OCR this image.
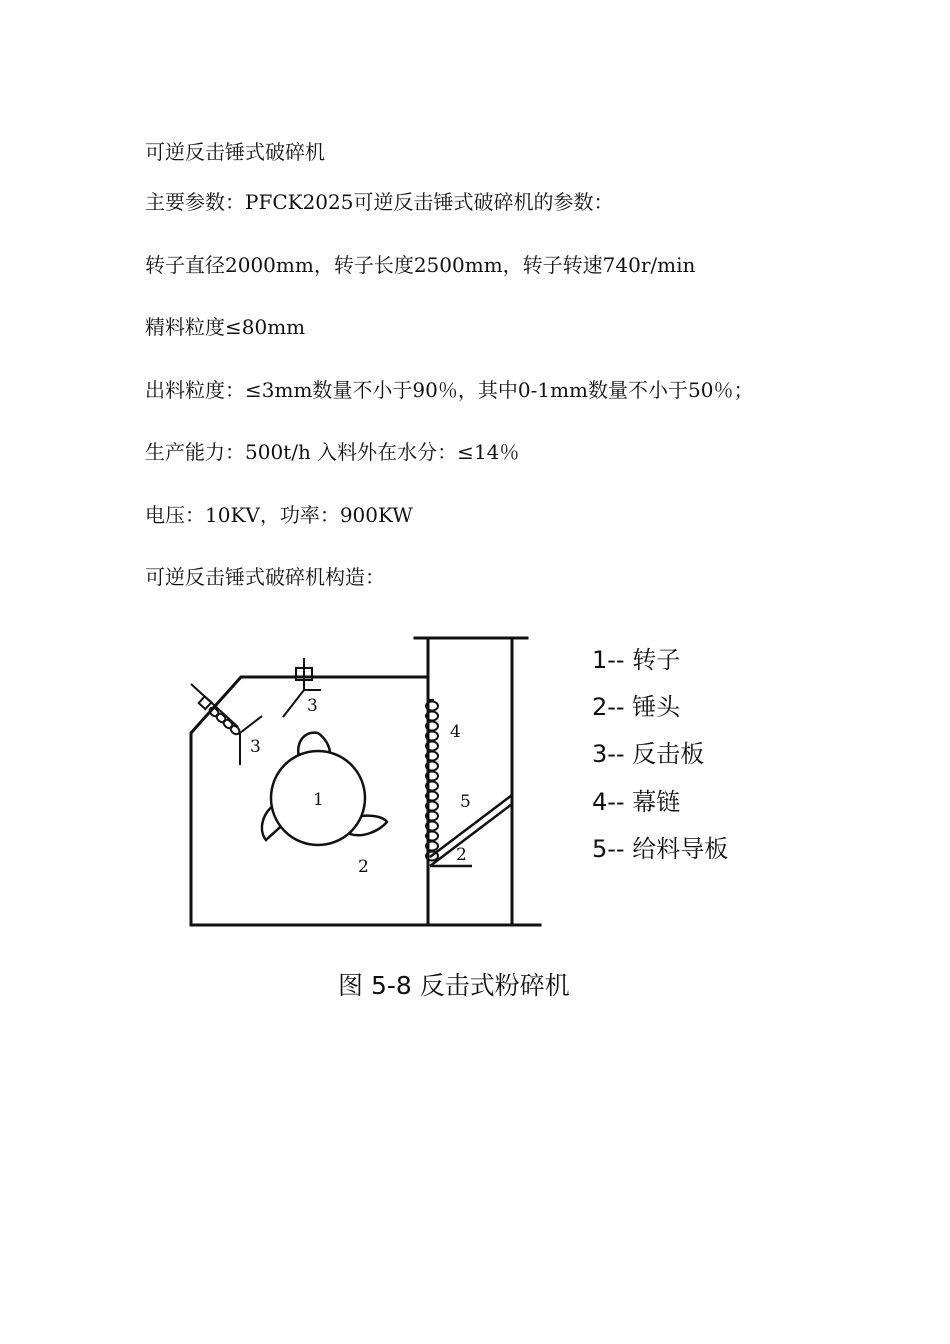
可逆反击锤式破碎机

主要参数：PFCK2025可逆反击锤式破碎机的参数：

转子直径2000mm，转子长度2500mm，转子转速740r/min

精料粒度≤80mm

出料粒度：≤3mm数量不小于90％，其中0-1mm数量不小于50％；

生产能力：500t/h 入料外在水分：≤14％

电压：10KV，功率：900KW

可逆反击锤式破碎机构造：

1
2
2
3
3
4
5
1-- 转子
2-- 锤头
3-- 反击板
4-- 幕链
5-- 给料导板
图 5-8 反击式粉碎机
